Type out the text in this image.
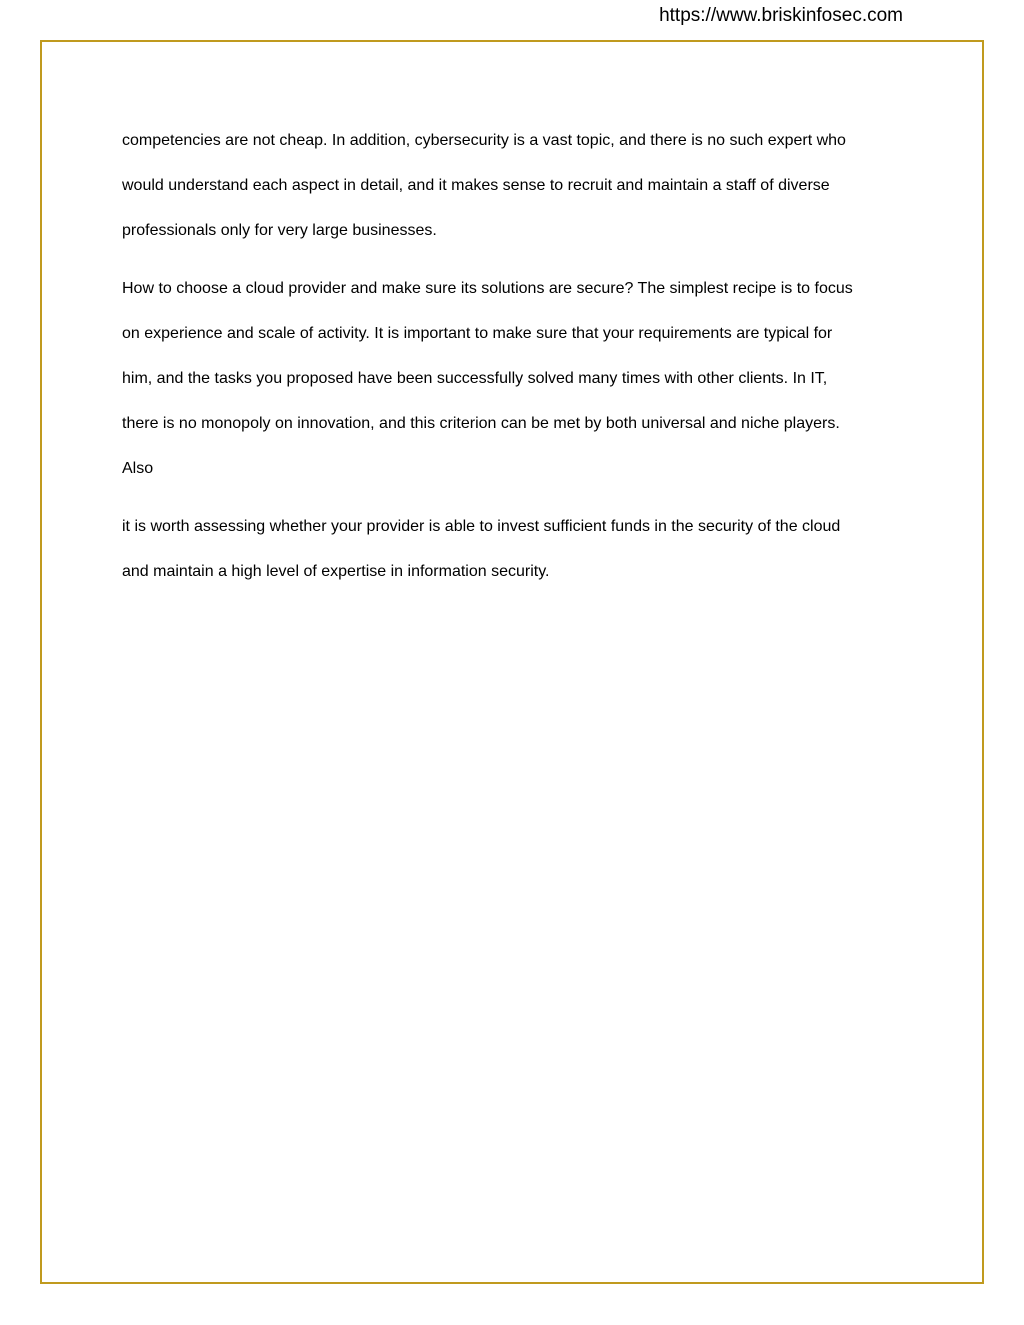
https://www.briskinfosec.com
competencies are not cheap. In addition, cybersecurity is a vast topic, and there is no such expert who
would understand each aspect in detail, and it makes sense to recruit and maintain a staff of diverse
professionals only for very large businesses.
How to choose a cloud provider and make sure its solutions are secure? The simplest recipe is to focus
on experience and scale of activity. It is important to make sure that your requirements are typical for
him, and the tasks you proposed have been successfully solved many times with other clients. In IT,
there is no monopoly on innovation, and this criterion can be met by both universal and niche players.
Also
it is worth assessing whether your provider is able to invest sufficient funds in the security of the cloud
and maintain a high level of expertise in information security.
